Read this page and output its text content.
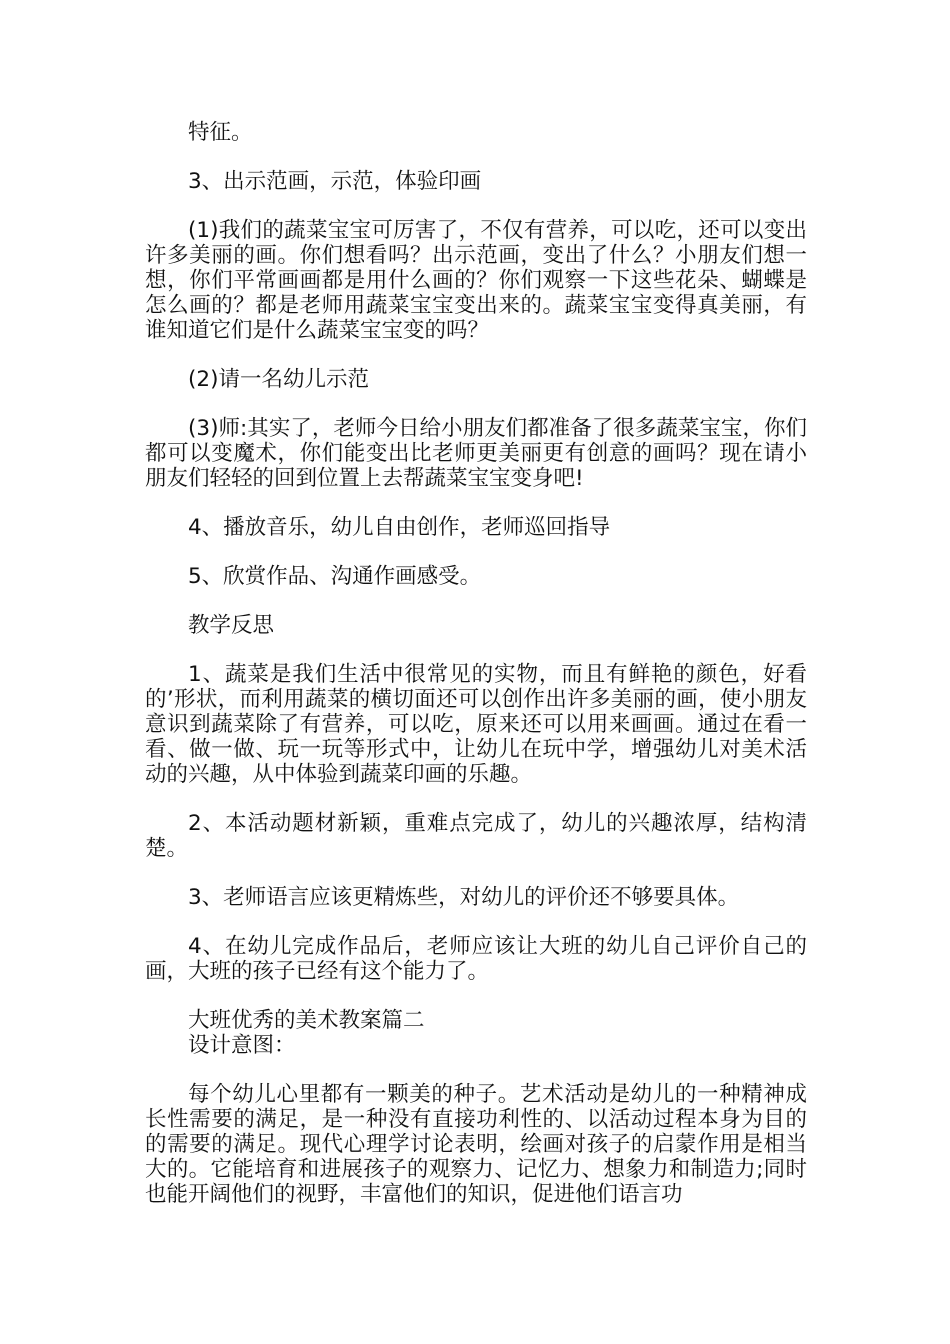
特征。

3、出示范画，示范，体验印画

(1)我们的蔬菜宝宝可厉害了，不仅有营养，可以吃，还可以变出许多美丽的画。你们想看吗？出示范画，变出了什么？小朋友们想一想，你们平常画画都是用什么画的？你们观察一下这些花朵、蝴蝶是怎么画的？都是老师用蔬菜宝宝变出来的。蔬菜宝宝变得真美丽，有谁知道它们是什么蔬菜宝宝变的吗？

(2)请一名幼儿示范

(3)师:其实了，老师今日给小朋友们都准备了很多蔬菜宝宝，你们都可以变魔术，你们能变出比老师更美丽更有创意的画吗？现在请小朋友们轻轻的回到位置上去帮蔬菜宝宝变身吧!

4、播放音乐，幼儿自由创作，老师巡回指导

5、欣赏作品、沟通作画感受。

教学反思

1、蔬菜是我们生活中很常见的实物，而且有鲜艳的颜色，好看的’形状，而利用蔬菜的横切面还可以创作出许多美丽的画，使小朋友意识到蔬菜除了有营养，可以吃，原来还可以用来画画。通过在看一看、做一做、玩一玩等形式中，让幼儿在玩中学，增强幼儿对美术活动的兴趣，从中体验到蔬菜印画的乐趣。

2、本活动题材新颖，重难点完成了，幼儿的兴趣浓厚，结构清楚。

3、老师语言应该更精炼些，对幼儿的评价还不够要具体。

4、在幼儿完成作品后，老师应该让大班的幼儿自己评价自己的画，大班的孩子已经有这个能力了。

大班优秀的美术教案篇二

设计意图：

每个幼儿心里都有一颗美的种子。艺术活动是幼儿的一种精神成长性需要的满足，是一种没有直接功利性的、以活动过程本身为目的的需要的满足。现代心理学讨论表明，绘画对孩子的启蒙作用是相当大的。它能培育和进展孩子的观察力、记忆力、想象力和制造力;同时也能开阔他们的视野，丰富他们的知识，促进他们语言功
